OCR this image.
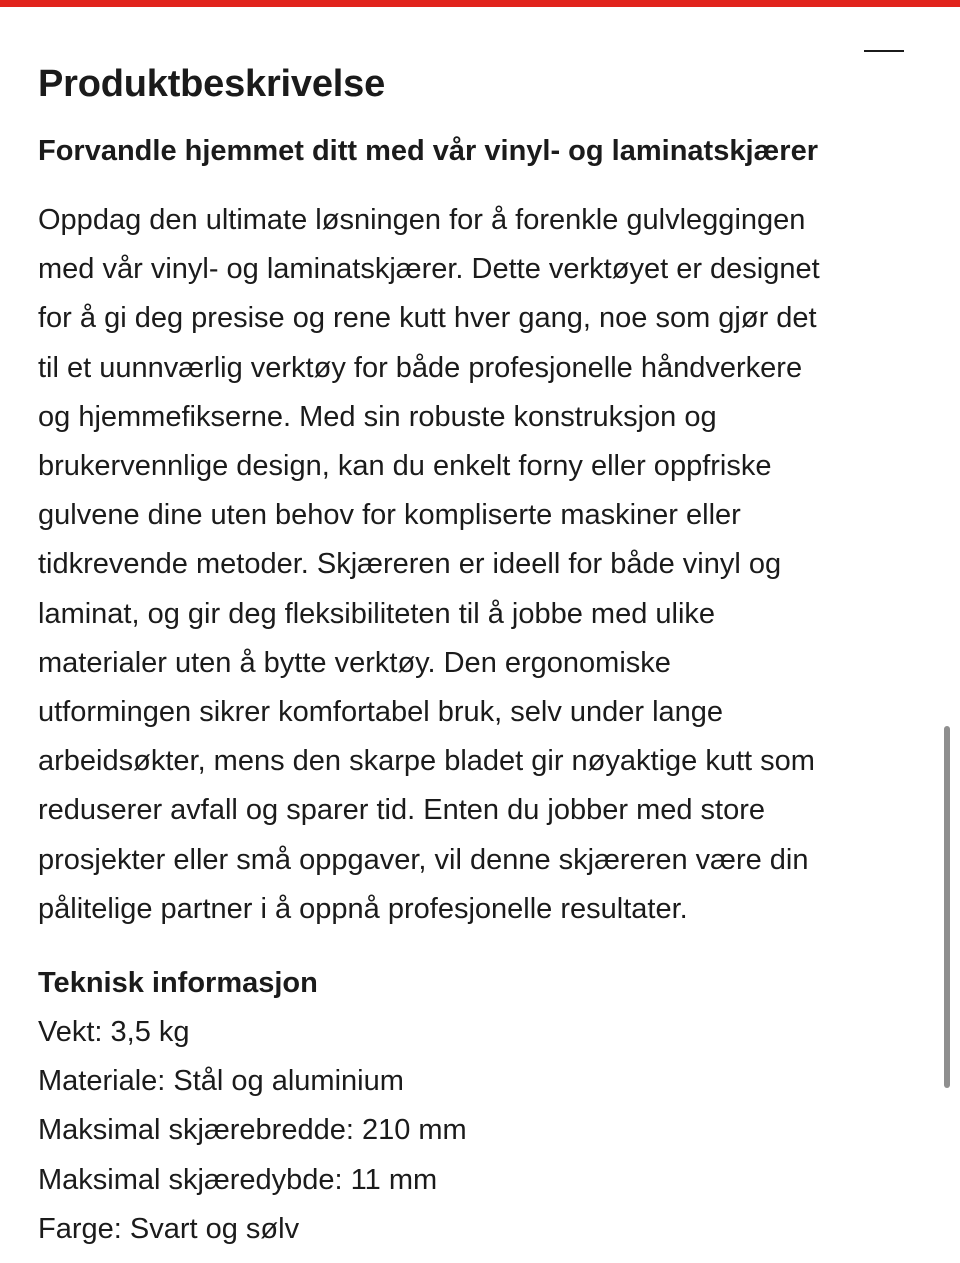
Produktbeskrivelse
Forvandle hjemmet ditt med vår vinyl- og laminatskjærer

Oppdag den ultimate løsningen for å forenkle gulvleggingen
med vår vinyl- og laminatskjærer. Dette verktøyet er designet
for å gi deg presise og rene kutt hver gang, noe som gjør det
til et uunnværlig verktøy for både profesjonelle håndverkere
og hjemmefikserne. Med sin robuste konstruksjon og
brukervennlige design, kan du enkelt forny eller oppfriske
gulvene dine uten behov for kompliserte maskiner eller
tidkrevende metoder. Skjæreren er ideell for både vinyl og
laminat, og gir deg fleksibiliteten til å jobbe med ulike
materialer uten å bytte verktøy. Den ergonomiske
utformingen sikrer komfortabel bruk, selv under lange
arbeidsøkter, mens den skarpe bladet gir nøyaktige kutt som
reduserer avfall og sparer tid. Enten du jobber med store
prosjekter eller små oppgaver, vil denne skjæreren være din
pålitelige partner i å oppnå profesjonelle resultater.

Teknisk informasjon
Vekt: 3,5 kg
Materiale: Stål og aluminium
Maksimal skjærebredde: 210 mm
Maksimal skjæredybde: 11 mm
Farge: Svart og sølv
